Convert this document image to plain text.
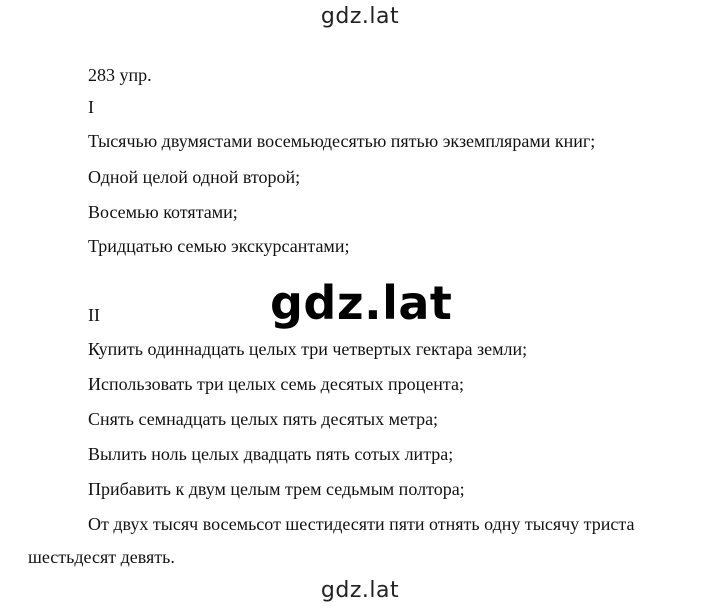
gdz.lat
283 упр.
I
Тысячью двумястами восемьюдесятью пятью экземплярами книг;
Одной целой одной второй;
Восемью котятами;
Тридцатью семью экскурсантами;
II	gdz.lat
Купить одиннадцать целых три четвертых гектара земли;
Использовать три целых семь десятых процента;
Снять семнадцать целых пять десятых метра;
Вылить ноль целых двадцать пять сотых литра;
Прибавить к двум целым трем седьмым полтора;
От двух тысяч восемьсот шестидесяти пяти отнять одну тысячу триста
шестьдесят девять.
gdz.lat
